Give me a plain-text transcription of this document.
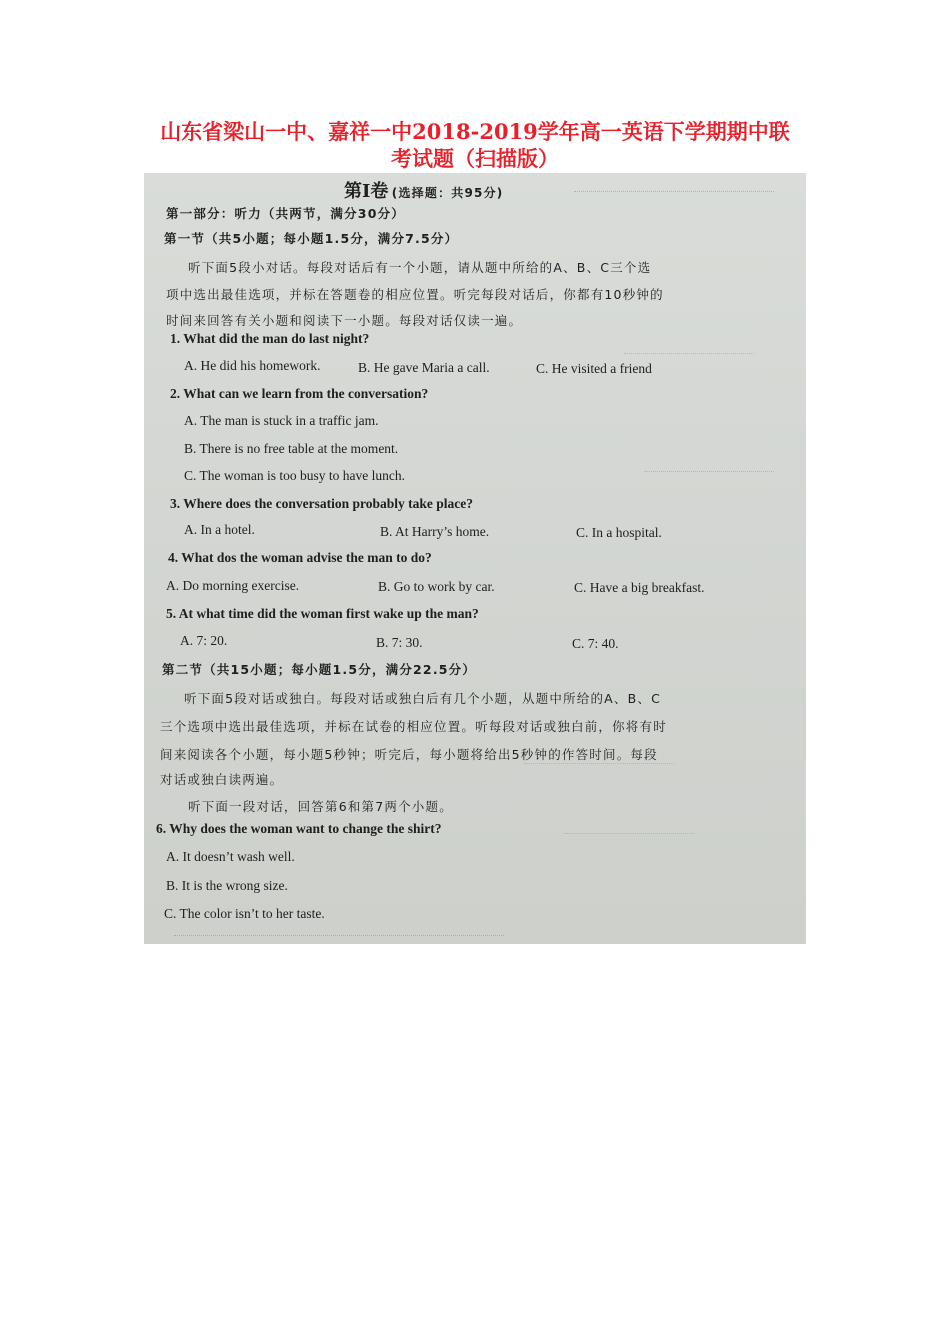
山东省梁山一中、嘉祥一中2018-2019学年高一英语下学期期中联
考试题（扫描版）
第Ⅰ卷 (选择题：共95分)
第一部分：听力（共两节，满分30分）
第一节（共5小题；每小题1.5分，满分7.5分）
听下面5段小对话。每段对话后有一个小题，请从题中所给的A、B、C三个选
项中选出最佳选项，并标在答题卷的相应位置。听完每段对话后，你都有10秒钟的
时间来回答有关小题和阅读下一小题。每段对话仅读一遍。
1. What did the man do last night?
A. He did his homework.	B. He gave Maria a call.	C. He visited a friend
2. What can we learn from the conversation?
A. The man is stuck in a traffic jam.
B. There is no free table at the moment.
C. The woman is too busy to have lunch.
3. Where does the conversation probably take place?
A. In a hotel.	B. At Harry’s home.	C. In a hospital.
4. What dos the woman advise the man to do?
A. Do morning exercise.	B. Go to work by car.	C. Have a big breakfast.
5. At what time did the woman first wake up the man?
A. 7: 20.	B. 7: 30.	C. 7: 40.
第二节（共15小题；每小题1.5分，满分22.5分）
听下面5段对话或独白。每段对话或独白后有几个小题，从题中所给的A、B、C
三个选项中选出最佳选项，并标在试卷的相应位置。听每段对话或独白前，你将有时
间来阅读各个小题，每小题5秒钟；听完后，每小题将给出5秒钟的作答时间。每段
对话或独白读两遍。
听下面一段对话，回答第6和第7两个小题。
6. Why does the woman want to change the shirt?
A. It doesn’t wash well.
B. It is the wrong size.
C. The color isn’t to her taste.
